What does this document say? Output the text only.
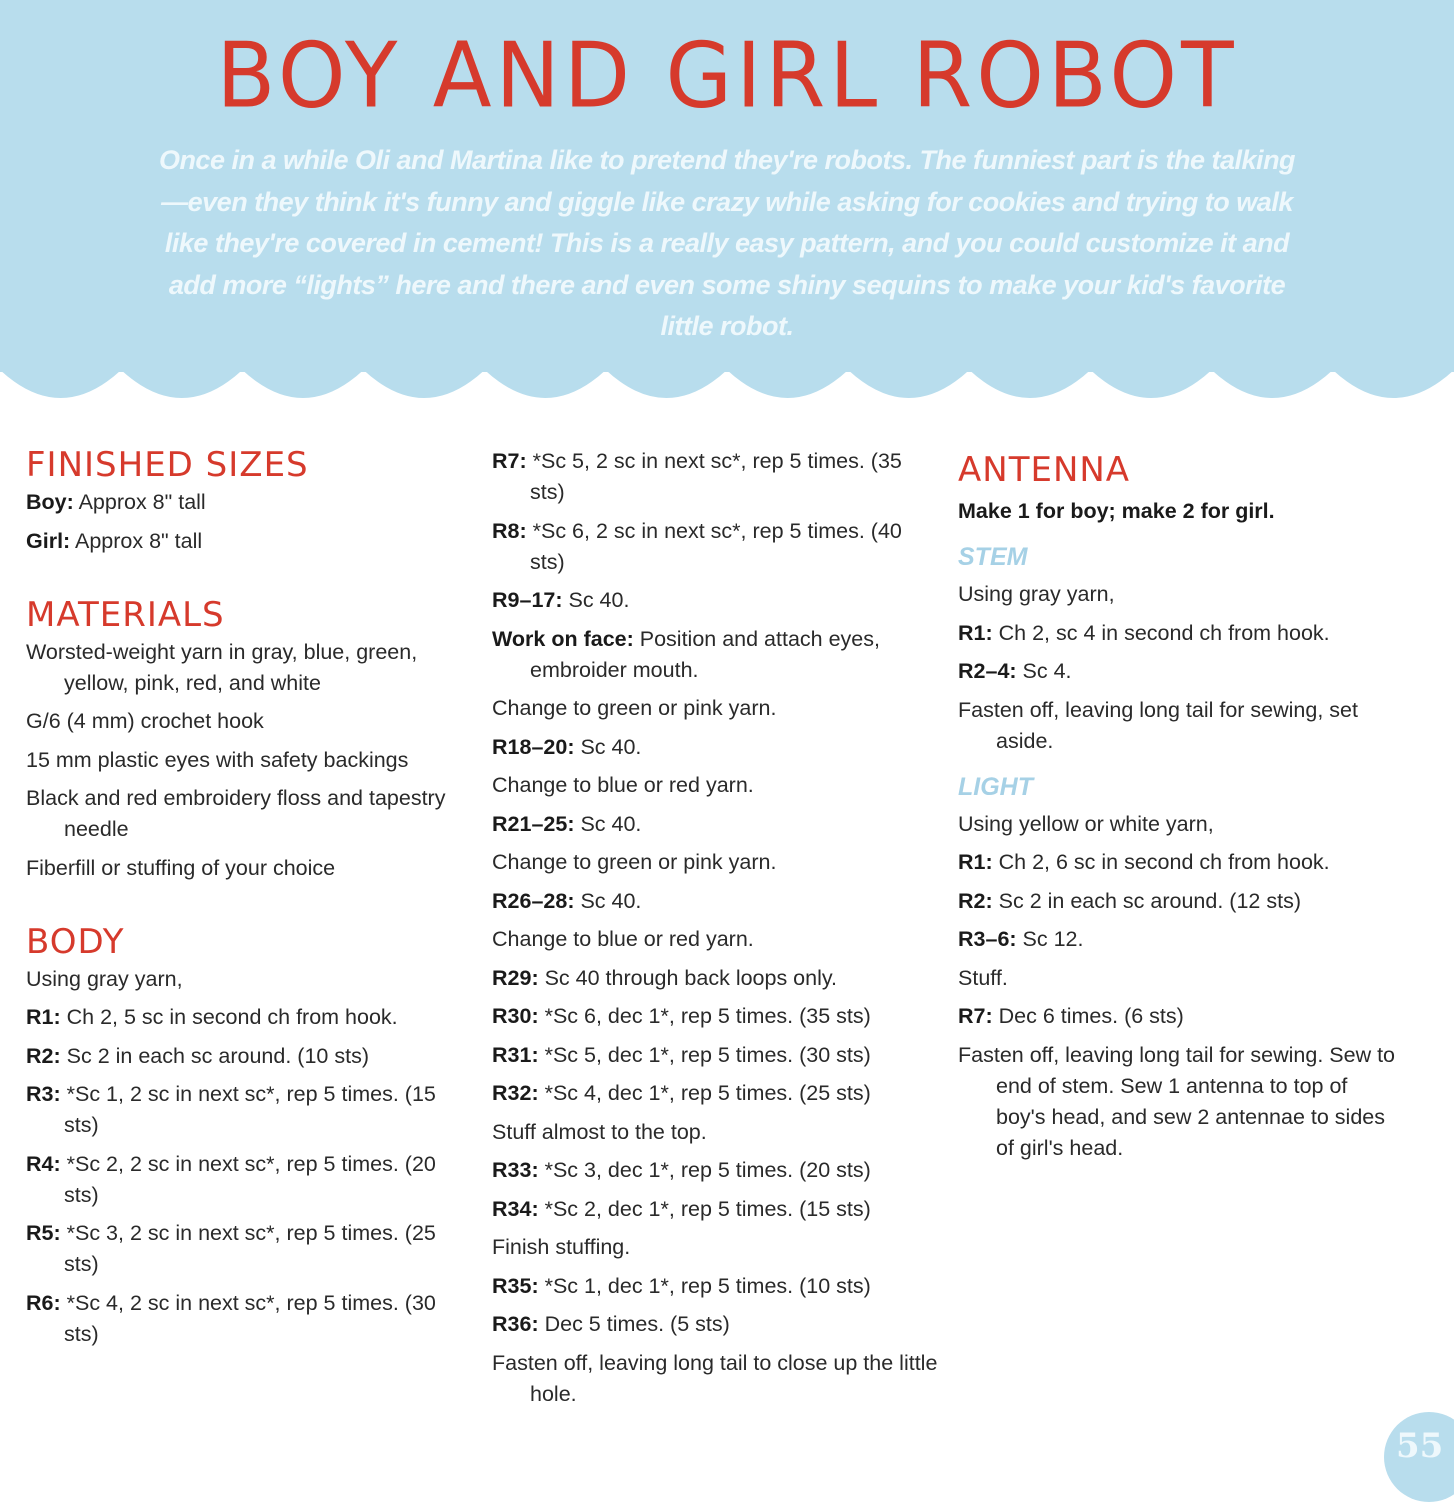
BOY AND GIRL ROBOT

Once in a while Oli and Martina like to pretend they're robots. The funniest part is the talking—even they think it's funny and giggle like crazy while asking for cookies and trying to walk like they're covered in cement! This is a really easy pattern, and you could customize it and add more “lights” here and there and even some shiny sequins to make your kid's favorite little robot.

FINISHED SIZES

Boy: Approx 8" tall

Girl: Approx 8" tall

MATERIALS

Worsted-weight yarn in gray, blue, green, yellow, pink, red, and white

G/6 (4 mm) crochet hook

15 mm plastic eyes with safety backings

Black and red embroidery floss and tapestry needle

Fiberfill or stuffing of your choice

BODY

Using gray yarn,

R1: Ch 2, 5 sc in second ch from hook.

R2: Sc 2 in each sc around. (10 sts)

R3: *Sc 1, 2 sc in next sc*, rep 5 times. (15 sts)

R4: *Sc 2, 2 sc in next sc*, rep 5 times. (20 sts)

R5: *Sc 3, 2 sc in next sc*, rep 5 times. (25 sts)

R6: *Sc 4, 2 sc in next sc*, rep 5 times. (30 sts)

R7: *Sc 5, 2 sc in next sc*, rep 5 times. (35 sts)

R8: *Sc 6, 2 sc in next sc*, rep 5 times. (40 sts)

R9–17: Sc 40.

Work on face: Position and attach eyes, embroider mouth.

Change to green or pink yarn.

R18–20: Sc 40.

Change to blue or red yarn.

R21–25: Sc 40.

Change to green or pink yarn.

R26–28: Sc 40.

Change to blue or red yarn.

R29: Sc 40 through back loops only.

R30: *Sc 6, dec 1*, rep 5 times. (35 sts)

R31: *Sc 5, dec 1*, rep 5 times. (30 sts)

R32: *Sc 4, dec 1*, rep 5 times. (25 sts)

Stuff almost to the top.

R33: *Sc 3, dec 1*, rep 5 times. (20 sts)

R34: *Sc 2, dec 1*, rep 5 times. (15 sts)

Finish stuffing.

R35: *Sc 1, dec 1*, rep 5 times. (10 sts)

R36: Dec 5 times. (5 sts)

Fasten off, leaving long tail to close up the little hole.

ANTENNA

Make 1 for boy; make 2 for girl.

STEM

Using gray yarn,

R1: Ch 2, sc 4 in second ch from hook.

R2–4: Sc 4.

Fasten off, leaving long tail for sewing, set aside.

LIGHT

Using yellow or white yarn,

R1: Ch 2, 6 sc in second ch from hook.

R2: Sc 2 in each sc around. (12 sts)

R3–6: Sc 12.

Stuff.

R7: Dec 6 times. (6 sts)

Fasten off, leaving long tail for sewing. Sew to end of stem. Sew 1 antenna to top of boy's head, and sew 2 antennae to sides of girl's head.

55
